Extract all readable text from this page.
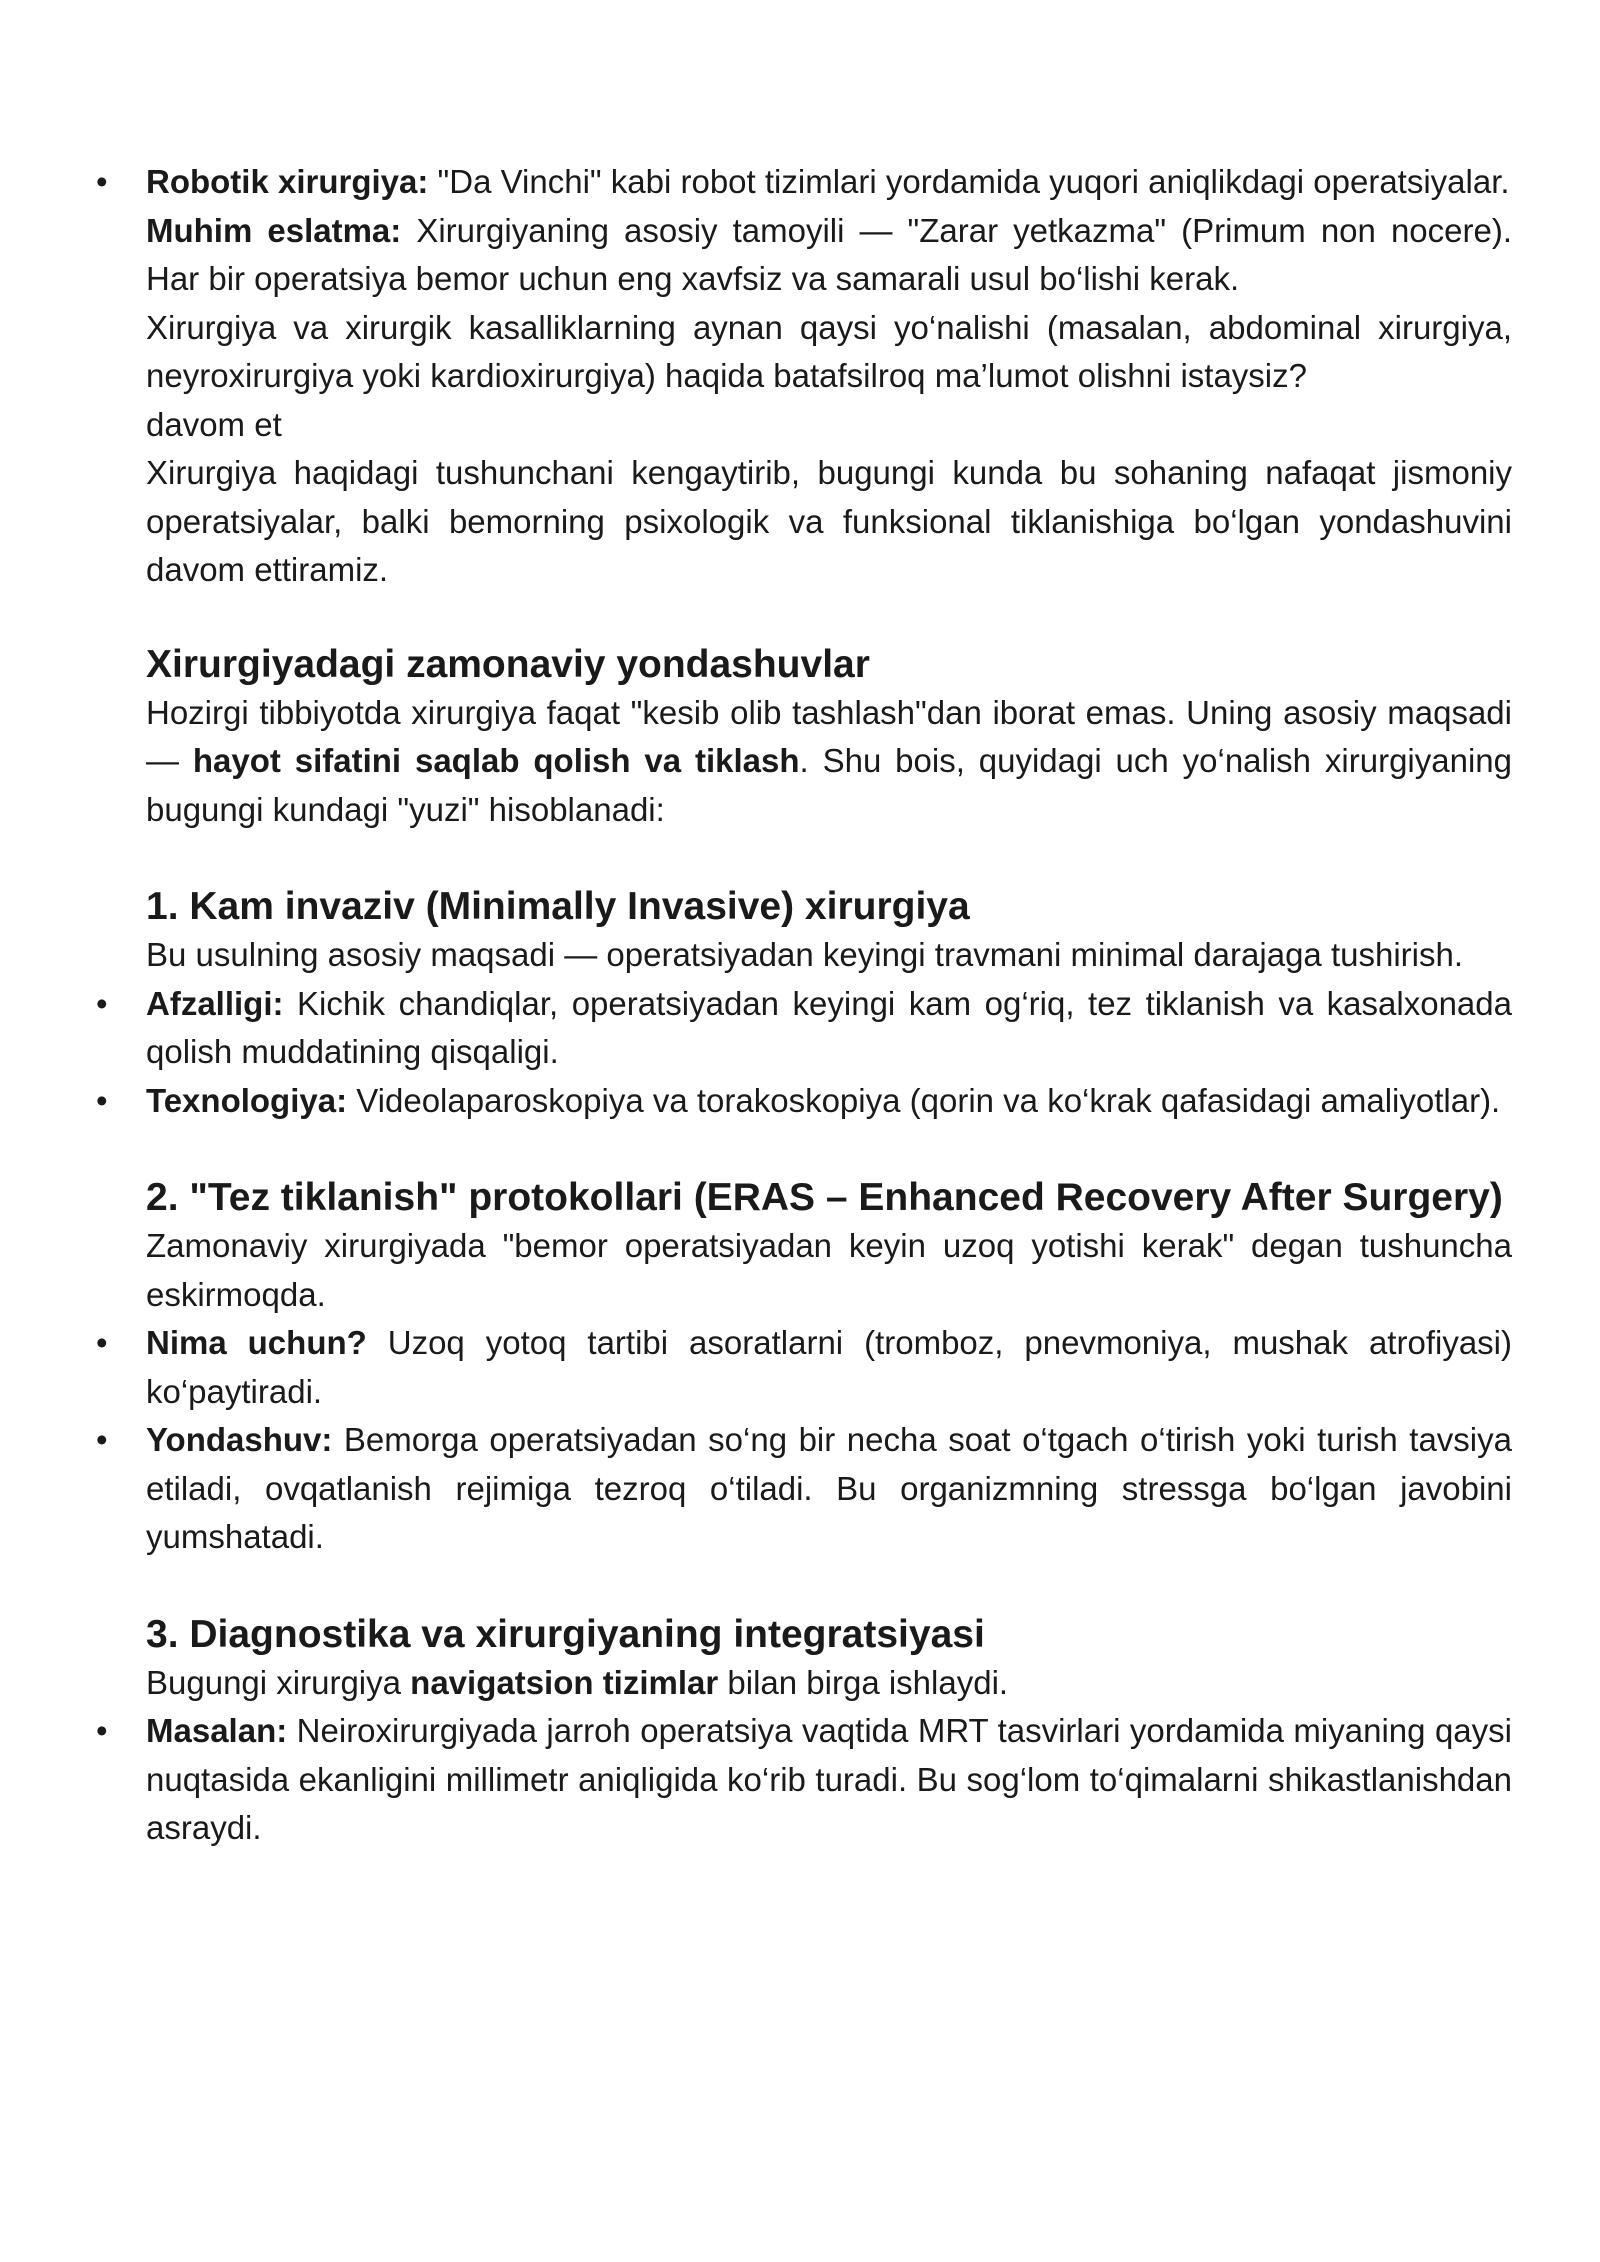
• Robotik xirurgiya: "Da Vinchi" kabi robot tizimlari yordamida yuqori aniqlikdagi operatsiyalar.

Muhim eslatma: Xirurgiyaning asosiy tamoyili — "Zarar yetkazma" (Primum non nocere). Har bir operatsiya bemor uchun eng xavfsiz va samarali usul bo‘lishi kerak.

Xirurgiya va xirurgik kasalliklarning aynan qaysi yo‘nalishi (masalan, abdominal xirurgiya, neyroxirurgiya yoki kardioxirurgiya) haqida batafsilroq ma’lumot olishni istaysiz?

davom et

Xirurgiya haqidagi tushunchani kengaytirib, bugungi kunda bu sohaning nafaqat jismoniy operatsiyalar, balki bemorning psixologik va funksional tiklanishiga bo‘lgan yondashuvini davom ettiramiz.

Xirurgiyadagi zamonaviy yondashuvlar

Hozirgi tibbiyotda xirurgiya faqat "kesib olib tashlash"dan iborat emas. Uning asosiy maqsadi — hayot sifatini saqlab qolish va tiklash. Shu bois, quyidagi uch yo‘nalish xirurgiyaning bugungi kundagi "yuzi" hisoblanadi:

1. Kam invaziv (Minimally Invasive) xirurgiya

Bu usulning asosiy maqsadi — operatsiyadan keyingi travmani minimal darajaga tushirish.

• Afzalligi: Kichik chandiqlar, operatsiyadan keyingi kam og‘riq, tez tiklanish va kasalxonada qolish muddatining qisqaligi.

• Texnologiya: Videolaparoskopiya va torakoskopiya (qorin va ko‘krak qafasidagi amaliyotlar).

2. "Tez tiklanish" protokollari (ERAS – Enhanced Recovery After Surgery)

Zamonaviy xirurgiyada "bemor operatsiyadan keyin uzoq yotishi kerak" degan tushuncha eskirmoqda.

• Nima uchun? Uzoq yotoq tartibi asoratlarni (tromboz, pnevmoniya, mushak atrofiyasi) ko‘paytiradi.

• Yondashuv: Bemorga operatsiyadan so‘ng bir necha soat o‘tgach o‘tirish yoki turish tavsiya etiladi, ovqatlanish rejimiga tezroq o‘tiladi. Bu organizmning stressga bo‘lgan javobini yumshatadi.

3. Diagnostika va xirurgiyaning integratsiyasi

Bugungi xirurgiya navigatsion tizimlar bilan birga ishlaydi.

• Masalan: Neiroxirurgiyada jarroh operatsiya vaqtida MRT tasvirlari yordamida miyaning qaysi nuqtasida ekanligini millimetr aniqligida ko‘rib turadi. Bu sog‘lom to‘qimalarni shikastlanishdan asraydi.
